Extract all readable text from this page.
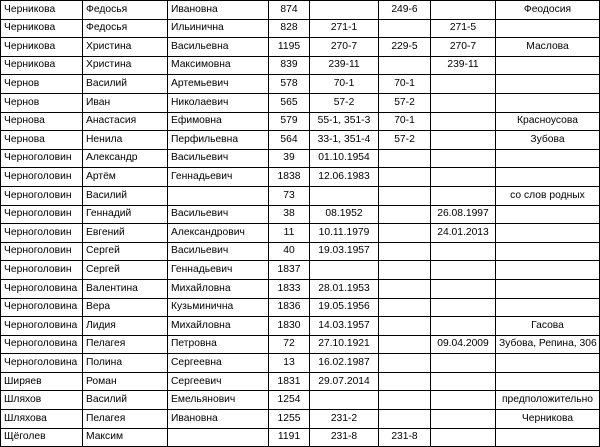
Черникова	Федосья	Ивановна	874		249-6		Феодосия
Черникова	Федосья	Ильинична	828	271-1		271-5	
Черникова	Христина	Васильевна	1195	270-7	229-5	270-7	Маслова
Черникова	Христина	Максимовна	839	239-11		239-11	
Чернов	Василий	Артемьевич	578	70-1	70-1		
Чернов	Иван	Николаевич	565	57-2	57-2		
Чернова	Анастасия	Ефимовна	579	55-1, 351-3	70-1		Красноусова
Чернова	Ненила	Перфильевна	564	33-1, 351-4	57-2		Зубова
Черноголовин	Александр	Васильевич	39	01.10.1954			
Черноголовин	Артём	Геннадьевич	1838	12.06.1983			
Черноголовин	Василий		73				со слов родных
Черноголовин	Геннадий	Васильевич	38	08.1952		26.08.1997	
Черноголовин	Евгений	Александрович	11	10.11.1979		24.01.2013	
Черноголовин	Сергей	Васильевич	40	19.03.1957			
Черноголовин	Сергей	Геннадьевич	1837				
Черноголовина	Валентина	Михайловна	1833	28.01.1953			
Черноголовина	Вера	Кузьминична	1836	19.05.1956			
Черноголовина	Лидия	Михайловна	1830	14.03.1957			Гасова
Черноголовина	Пелагея	Петровна	72	27.10.1921		09.04.2009	Зубова, Репина, 306
Черноголовина	Полина	Сергеевна	13	16.02.1987			
Ширяев	Роман	Сергеевич	1831	29.07.2014			
Шляхов	Василий	Емельянович	1254				предположительно
Шляхова	Пелагея	Ивановна	1255	231-2			Черникова
Щёголев	Максим		1191	231-8	231-8		
